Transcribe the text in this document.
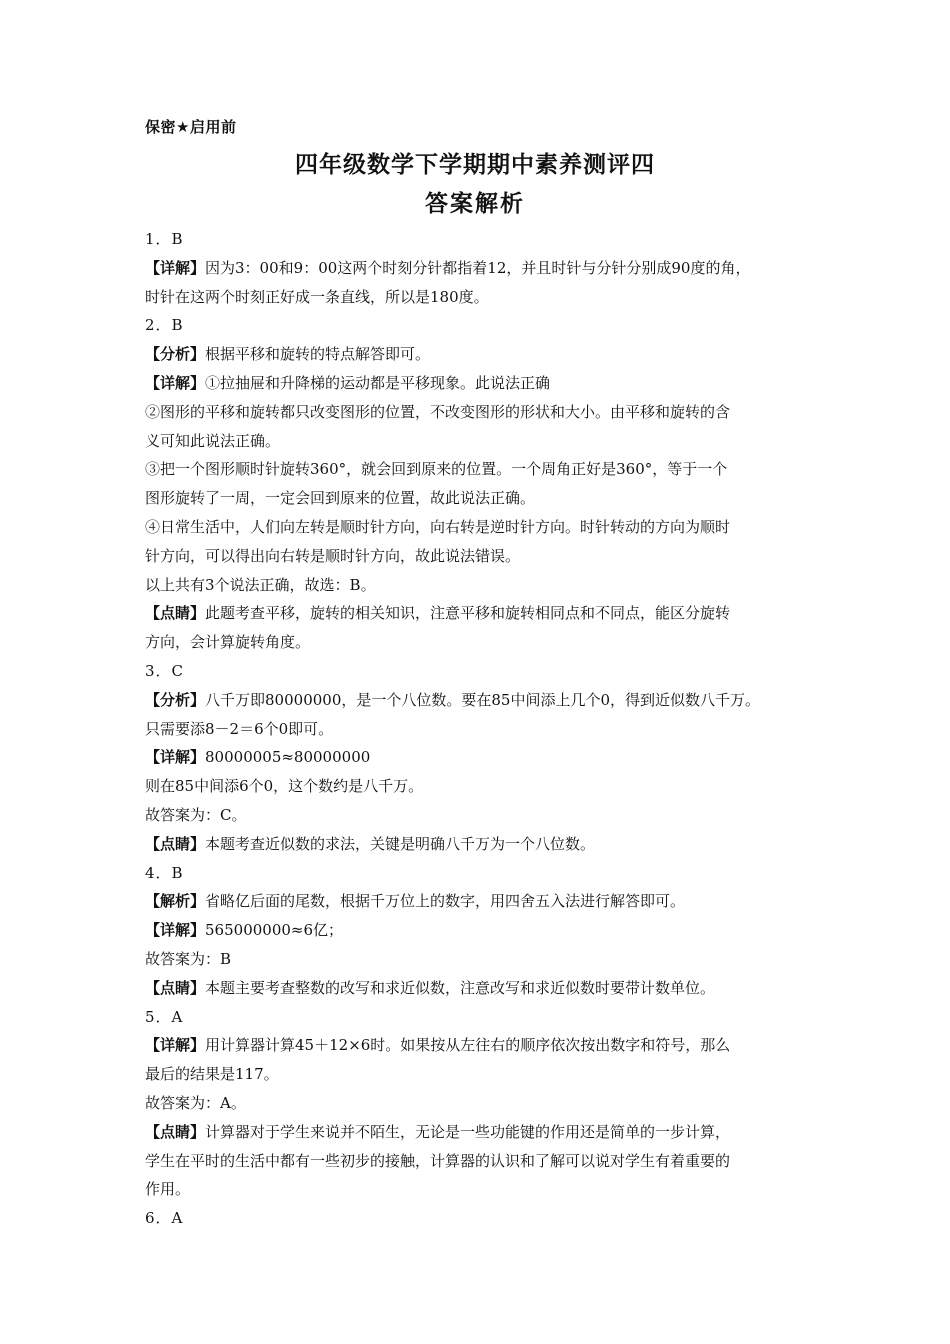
保密★启用前
四年级数学下学期期中素养测评四
答案解析
1．B
【详解】因为3：00和9：00这两个时刻分针都指着12，并且时针与分针分别成90度的角，
时针在这两个时刻正好成一条直线，所以是180度。
2．B
【分析】根据平移和旋转的特点解答即可。
【详解】①拉抽屉和升降梯的运动都是平移现象。此说法正确
②图形的平移和旋转都只改变图形的位置，不改变图形的形状和大小。由平移和旋转的含
义可知此说法正确。
③把一个图形顺时针旋转360°，就会回到原来的位置。一个周角正好是360°，等于一个
图形旋转了一周，一定会回到原来的位置，故此说法正确。
④日常生活中，人们向左转是顺时针方向，向右转是逆时针方向。时针转动的方向为顺时
针方向，可以得出向右转是顺时针方向，故此说法错误。
以上共有3个说法正确，故选：B。
【点睛】此题考查平移，旋转的相关知识，注意平移和旋转相同点和不同点，能区分旋转
方向，会计算旋转角度。
3．C
【分析】八千万即80000000，是一个八位数。要在85中间添上几个0，得到近似数八千万。
只需要添8－2＝6个0即可。
【详解】80000005≈80000000
则在85中间添6个0，这个数约是八千万。
故答案为：C。
【点睛】本题考查近似数的求法，关键是明确八千万为一个八位数。
4．B
【解析】省略亿后面的尾数，根据千万位上的数字，用四舍五入法进行解答即可。
【详解】565000000≈6亿；
故答案为：B
【点睛】本题主要考查整数的改写和求近似数，注意改写和求近似数时要带计数单位。
5．A
【详解】用计算器计算45＋12×6时。如果按从左往右的顺序依次按出数字和符号，那么
最后的结果是117。
故答案为：A。
【点睛】计算器对于学生来说并不陌生，无论是一些功能键的作用还是简单的一步计算，
学生在平时的生活中都有一些初步的接触，计算器的认识和了解可以说对学生有着重要的
作用。
6．A
